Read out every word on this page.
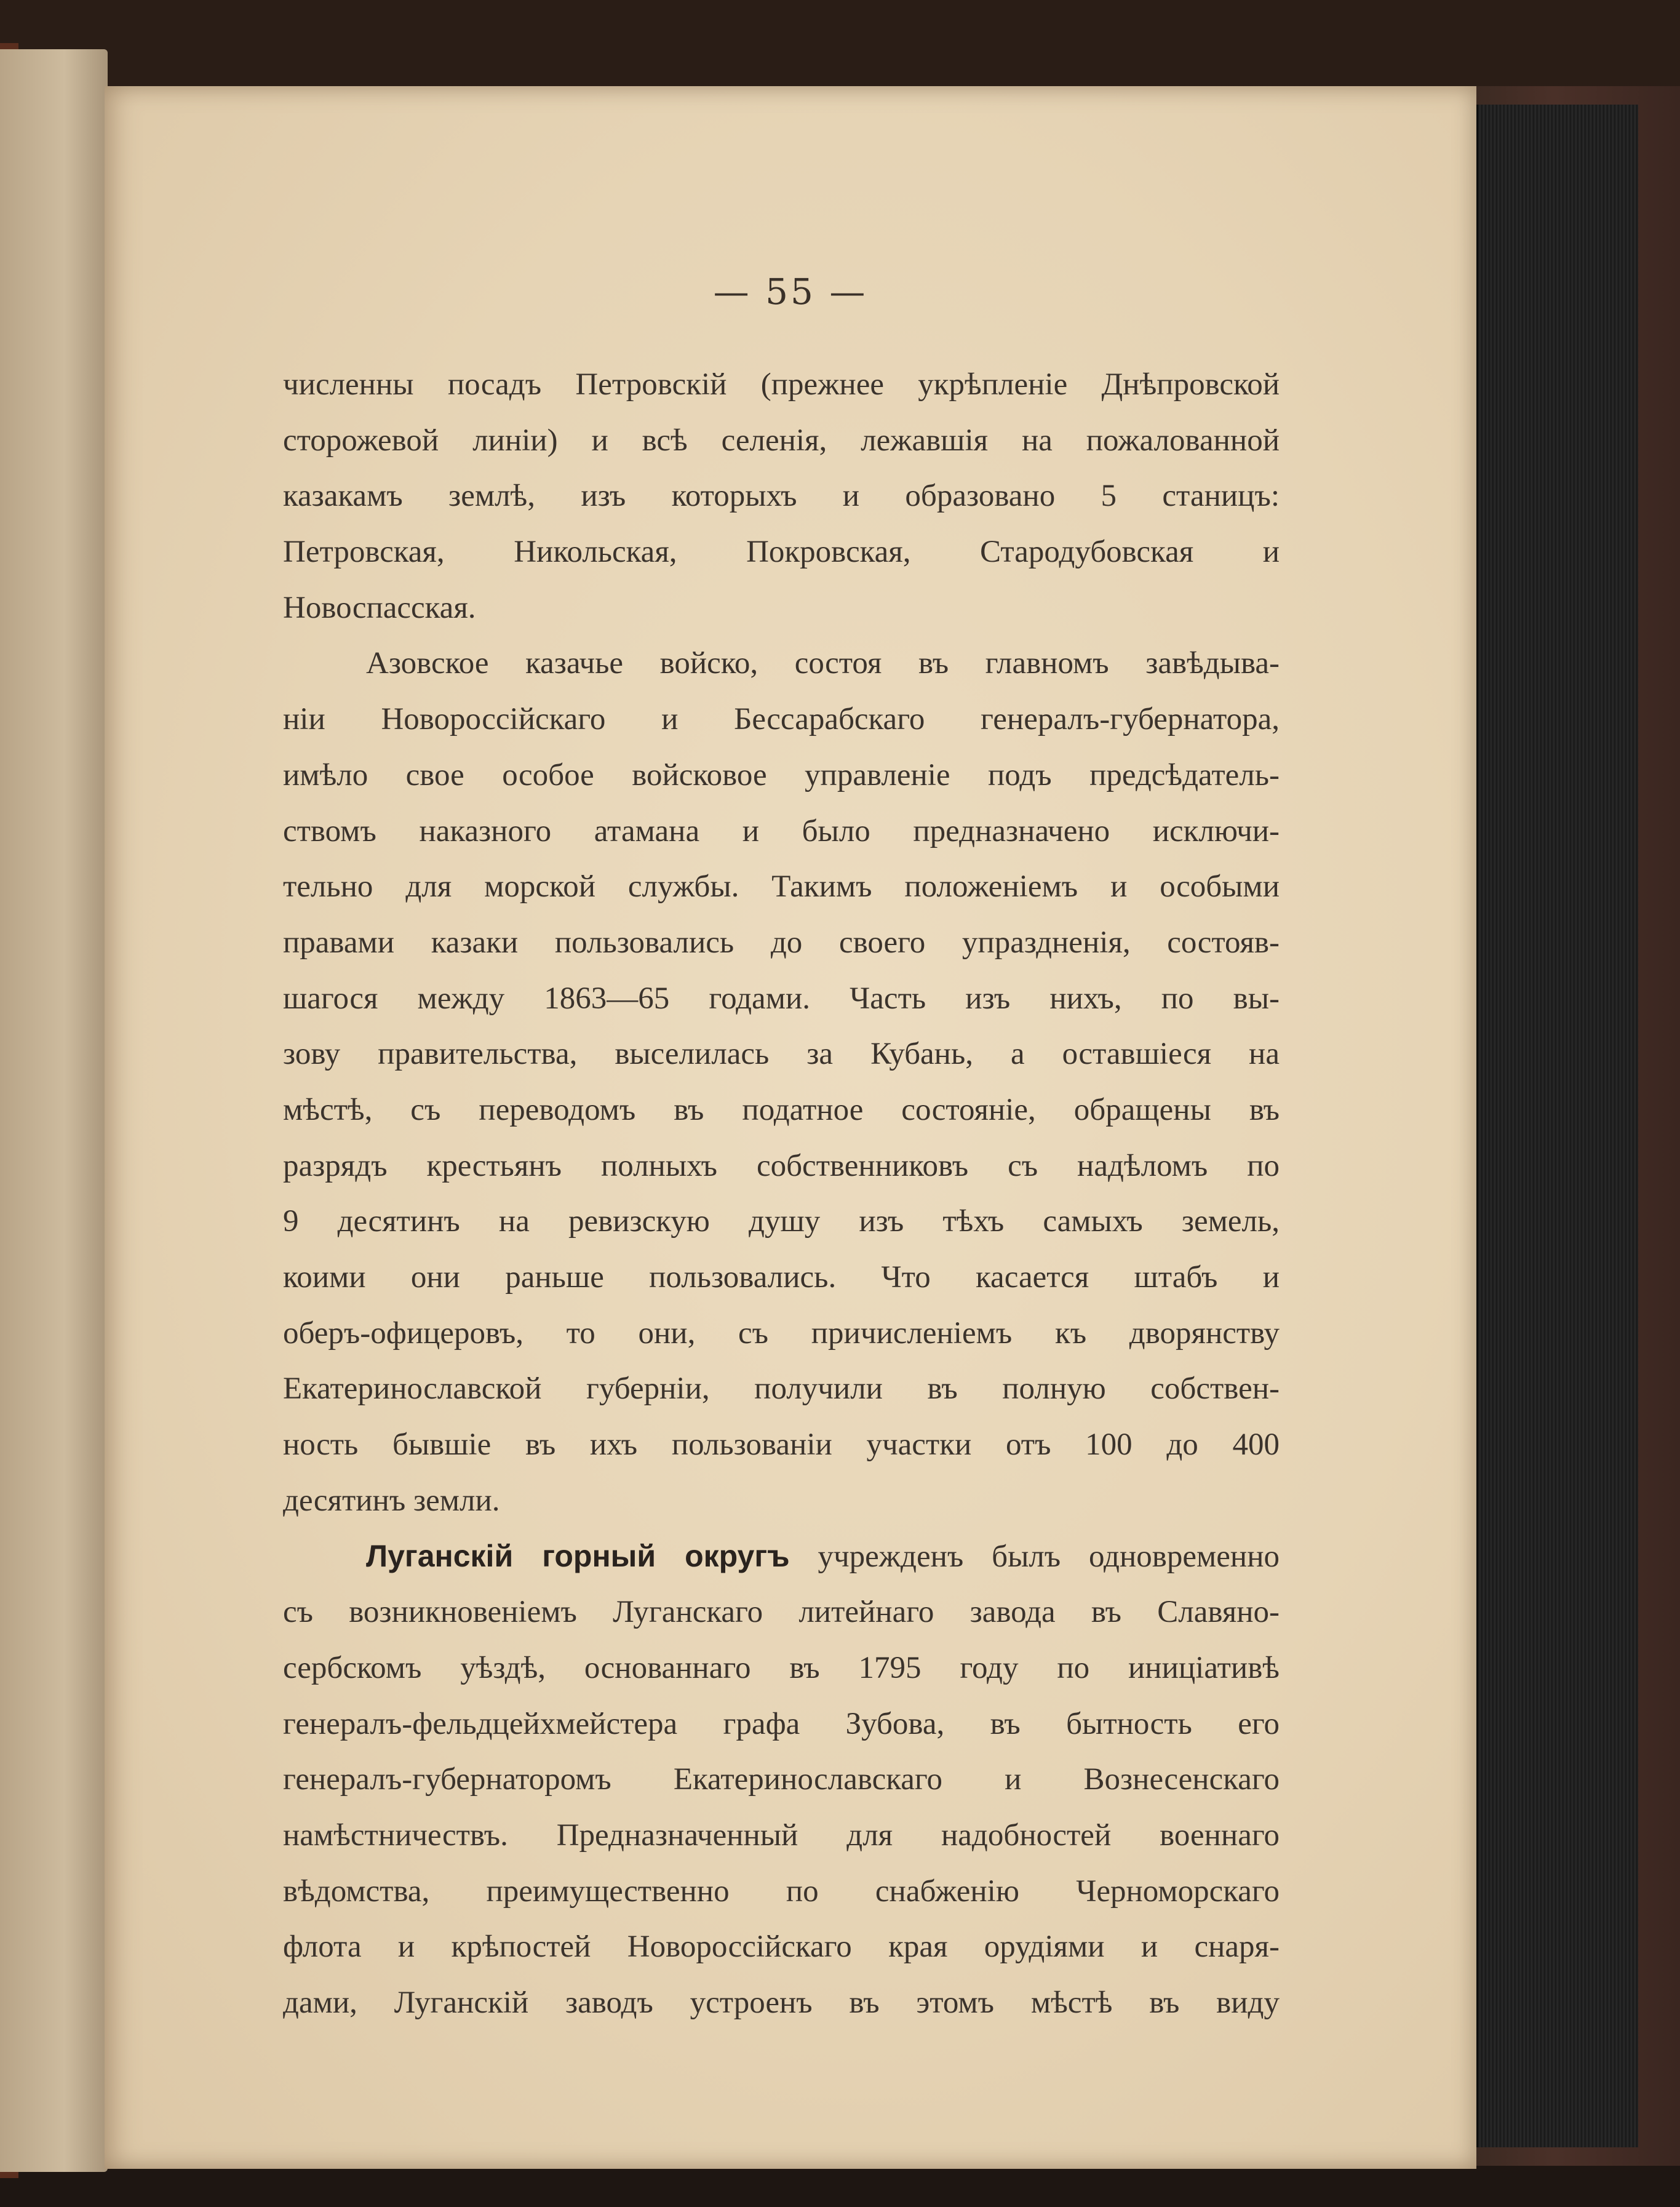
— 55 —
численны посадъ Петровскій (прежнее укрѣпленіе Днѣпровской
сторожевой линіи) и всѣ селенія, лежавшія на пожалованной
казакамъ землѣ, изъ которыхъ и образовано 5 станицъ:
Петровская, Никольская, Покровская, Стародубовская и
Новоспасская.
Азовское казачье войско, состоя въ главномъ завѣдыва-
ніи Новороссійскаго и Бессарабскаго генералъ-губернатора,
имѣло свое особое войсковое управленіе подъ предсѣдатель-
ствомъ наказного атамана и было предназначено исключи-
тельно для морской службы. Такимъ положеніемъ и особыми
правами казаки пользовались до своего упраздненія, состояв-
шагося между 1863—65 годами. Часть изъ нихъ, по вы-
зову правительства, выселилась за Кубань, а оставшіеся на
мѣстѣ, съ переводомъ въ податное состояніе, обращены въ
разрядъ крестьянъ полныхъ собственниковъ съ надѣломъ по
9 десятинъ на ревизскую душу изъ тѣхъ самыхъ земель,
коими они раньше пользовались. Что касается штабъ и
оберъ-офицеровъ, то они, съ причисленіемъ къ дворянству
Екатеринославской губерніи, получили въ полную собствен-
ность бывшіе въ ихъ пользованіи участки отъ 100 до 400
десятинъ земли.
Луганскій горный округъ учрежденъ былъ одновременно
съ возникновеніемъ Луганскаго литейнаго завода въ Славяно-
сербскомъ уѣздѣ, основаннаго въ 1795 году по иниціативѣ
генералъ-фельдцейхмейстера графа Зубова, въ бытность его
генералъ-губернаторомъ Екатеринославскаго и Вознесенскаго
намѣстничествъ. Предназначенный для надобностей военнаго
вѣдомства, преимущественно по снабженію Черноморскаго
флота и крѣпостей Новороссійскаго края орудіями и снаря-
дами, Луганскій заводъ устроенъ въ этомъ мѣстѣ въ виду
